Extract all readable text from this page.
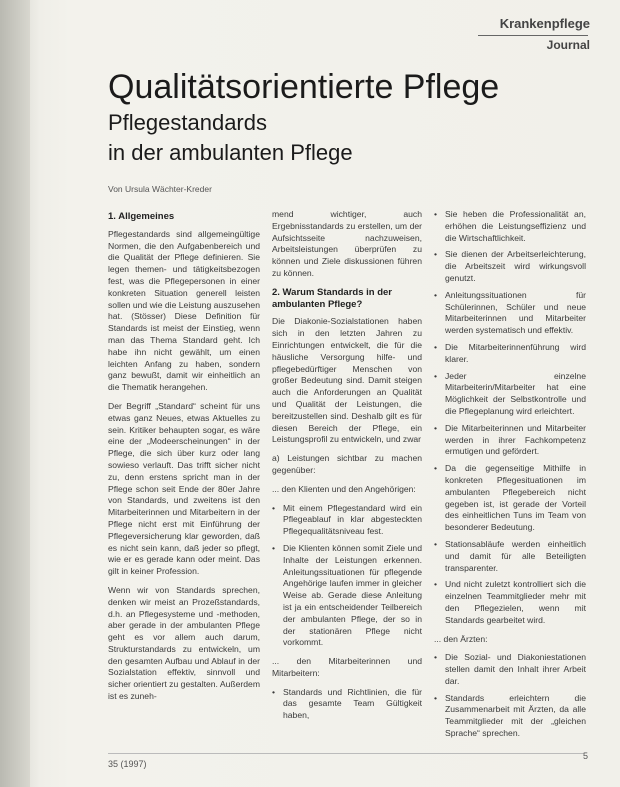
Krankenpflege
Journal
Qualitätsorientierte Pflege
Pflegestandards
in der ambulanten Pflege
Von Ursula Wächter-Kreder
1. Allgemeines

Pflegestandards sind allgemeingültige Normen, die den Aufgabenbereich und die Qualität der Pflege definieren. Sie legen themen- und tätigkeitsbezogen fest, was die Pflegepersonen in einer konkreten Situation generell leisten sollen und wie die Leistung auszusehen hat. (Stösser) Diese Definition für Standards ist meist der Einstieg, wenn man das Thema Standard geht. Ich habe ihn nicht gewählt, um einen leichten Anfang zu haben, sondern ganz bewußt, damit wir einheitlich an die Thematik herangehen.

Der Begriff „Standard“ scheint für uns etwas ganz Neues, etwas Aktuelles zu sein. Kritiker behaupten sogar, es wäre eine der „Modeerscheinungen“ in der Pflege, die sich über kurz oder lang sowieso verlauft. Das trifft sicher nicht zu, denn erstens spricht man in der Pflege schon seit Ende der 80er Jahre von Standards, und zweitens ist den Mitarbeiterinnen und Mitarbeitern in der Pflege nicht erst mit Einführung der Pflegeversicherung klar geworden, daß es nicht sein kann, daß jeder so pflegt, wie er es gerade kann oder meint. Das gilt in keiner Profession.

Wenn wir von Standards sprechen, denken wir meist an Prozeßstandards, d.h. an Pflegesysteme und -methoden, aber gerade in der ambulanten Pflege geht es vor allem auch darum, Strukturstandards zu entwickeln, um den gesamten Aufbau und Ablauf in der Sozialstation effektiv, sinnvoll und sicher orientiert zu gestalten. Außerdem ist es zuneh-

mend wichtiger, auch Ergebnisstandards zu erstellen, um der Aufsichtsseite nachzuweisen, Arbeitsleistungen überprüfen zu können und Ziele diskussionen führen zu können.

2. Warum Standards in der ambulanten Pflege?

Die Diakonie-Sozialstationen haben sich in den letzten Jahren zu Einrichtungen entwickelt, die für die häusliche Versorgung hilfe- und pflegebedürftiger Menschen von großer Bedeutung sind. Damit steigen auch die Anforderungen an Qualität und Qualität der Leistungen, die bereitzustellen sind. Deshalb gilt es für diesen Bereich der Pflege, ein Leistungsprofil zu entwickeln, und zwar

a) Leistungen sichtbar zu machen gegenüber:

... den Klienten und den Angehörigen:

• Mit einem Pflegestandard wird ein Pflegeablauf in klar abgesteckten Pflegequalitätsniveau fest.
• Die Klienten können somit Ziele und Inhalte der Leistungen erkennen. Anleitungssituationen für pflegende Angehörige laufen immer in gleicher Weise ab. Gerade diese Anleitung ist ja ein entscheidender Teilbereich der ambulanten Pflege, der so in der stationären Pflege nicht vorkommt.

... den Mitarbeiterinnen und Mitarbeitern:

• Standards und Richtlinien, die für das gesamte Team Gültigkeit haben,
• Sie heben die Professionalität an, erhöhen die Leistungseffizienz und die Wirtschaftlichkeit.
• Sie dienen der Arbeitserleichterung, die Arbeitszeit wird wirkungsvoll genutzt.
• Anleitungssituationen für Schülerinnen, Schüler und neue Mitarbeiterinnen und Mitarbeiter werden systematisch und effektiv.
• Die Mitarbeiterinnenführung wird klarer.
• Jeder einzelne Mitarbeiterin/Mitarbeiter hat eine Möglichkeit der Selbstkontrolle und die Pflegeplanung wird erleichtert.
• Die Mitarbeiterinnen und Mitarbeiter werden in ihrer Fachkompetenz ermutigen und gefördert.
• Da die gegenseitige Mithilfe in konkreten Pflegesituationen im ambulanten Pflegebereich nicht gegeben ist, ist gerade der Vorteil des einheitlichen Tuns im Team von besonderer Bedeutung.
• Stationsabläufe werden einheitlich und damit für alle Beteiligten transparenter.
• Und nicht zuletzt kontrolliert sich die einzelnen Teammitglieder mehr mit den Pflegezielen, wenn mit Standards gearbeitet wird.

... den Ärzten:

• Die Sozial- und Diakoniestationen stellen damit den Inhalt ihrer Arbeit dar.
• Standards erleichtern die Zusammenarbeit mit Ärzten, da alle Teammitglieder mit der „gleichen Sprache“ sprechen.
35 (1997)
5
